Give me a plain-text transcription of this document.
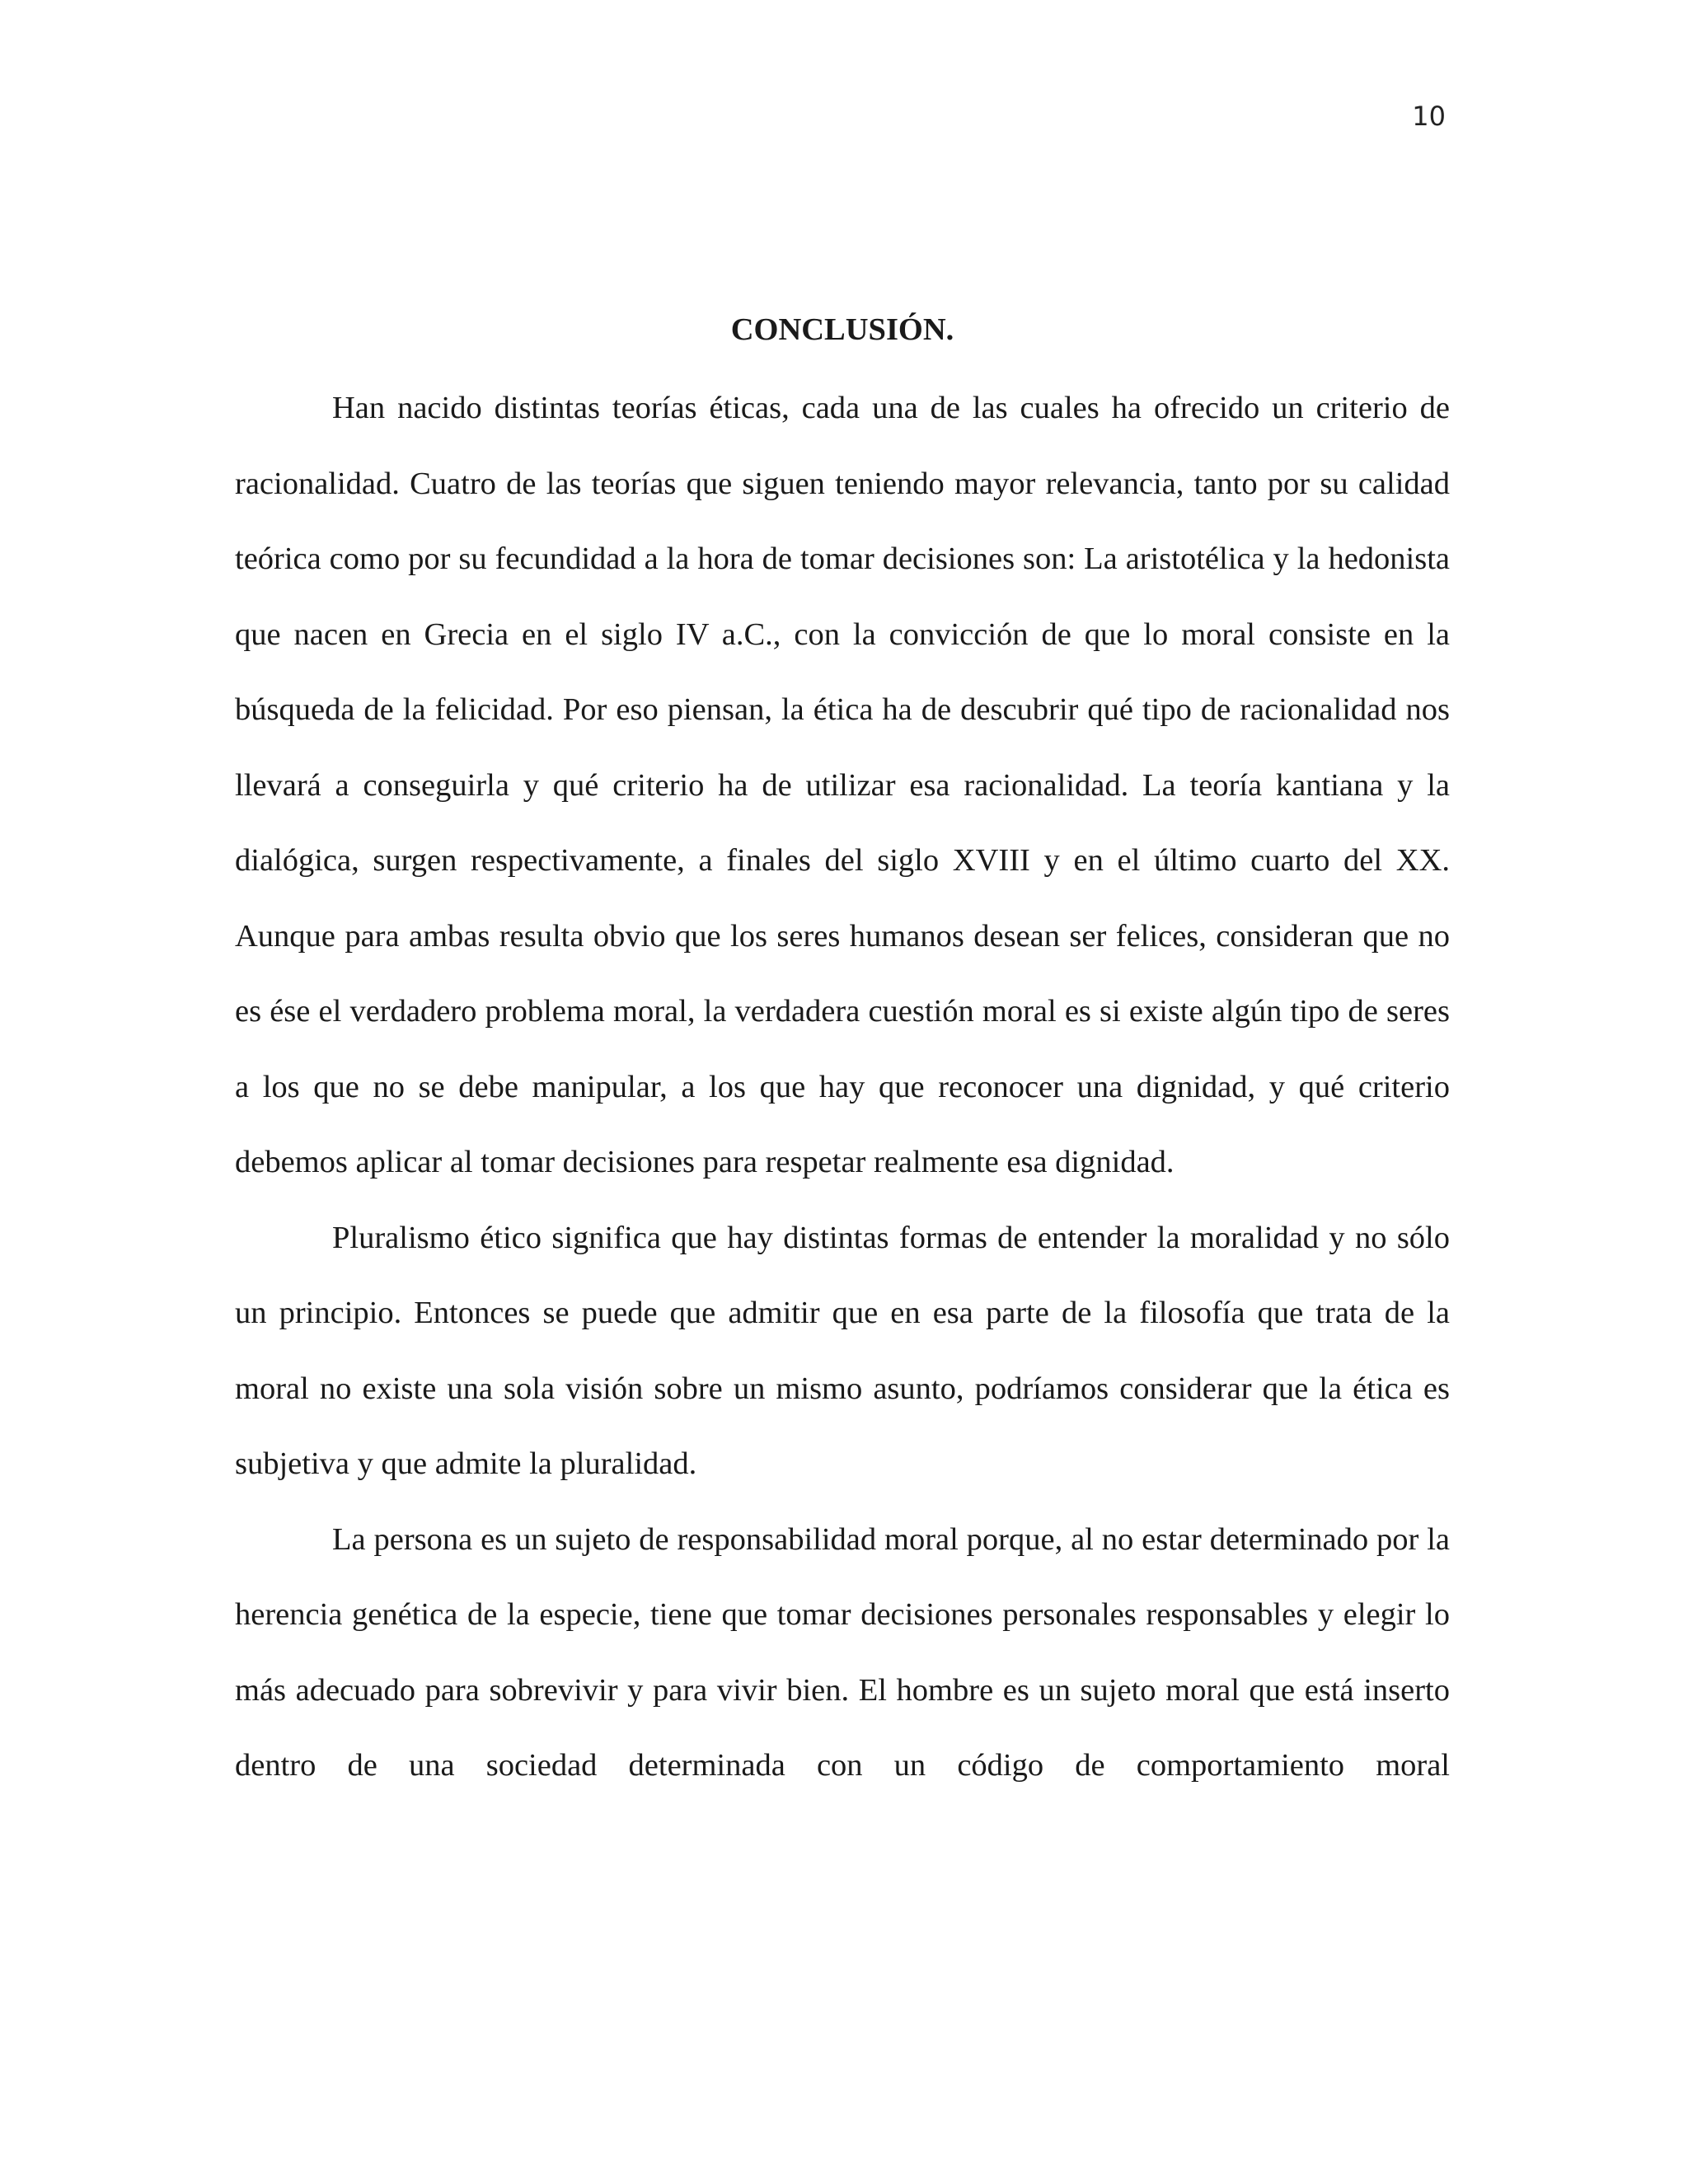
10
CONCLUSIÓN.

Han nacido distintas teorías éticas, cada una de las cuales ha ofrecido un criterio de racionalidad. Cuatro de las teorías que siguen teniendo mayor relevancia, tanto por su calidad teórica como por su fecundidad a la hora de tomar decisiones son: La aristotélica y la hedonista que nacen en Grecia en el siglo IV a.C., con la convicción de que lo moral consiste en la búsqueda de la felicidad. Por eso piensan, la ética ha de descubrir qué tipo de racionalidad nos llevará a conseguirla y qué criterio ha de utilizar esa racionalidad. La teoría kantiana y la dialógica, surgen respectivamente, a finales del siglo XVIII y en el último cuarto del XX. Aunque para ambas resulta obvio que los seres humanos desean ser felices, consideran que no es ése el verdadero problema moral, la verdadera cuestión moral es si existe algún tipo de seres a los que no se debe manipular, a los que hay que reconocer una dignidad, y qué criterio debemos aplicar al tomar decisiones para respetar realmente esa dignidad.

Pluralismo ético significa que hay distintas formas de entender la moralidad y no sólo un principio. Entonces se puede que admitir que en esa parte de la filosofía que trata de la moral no existe una sola visión sobre un mismo asunto, podríamos considerar que la ética es subjetiva y que admite la pluralidad.

La persona es un sujeto de responsabilidad moral porque, al no estar determinado por la herencia genética de la especie, tiene que tomar decisiones personales responsables y elegir lo más adecuado para sobrevivir y para vivir bien. El hombre es un sujeto moral que está inserto dentro de una sociedad determinada con un código de comportamiento moral
